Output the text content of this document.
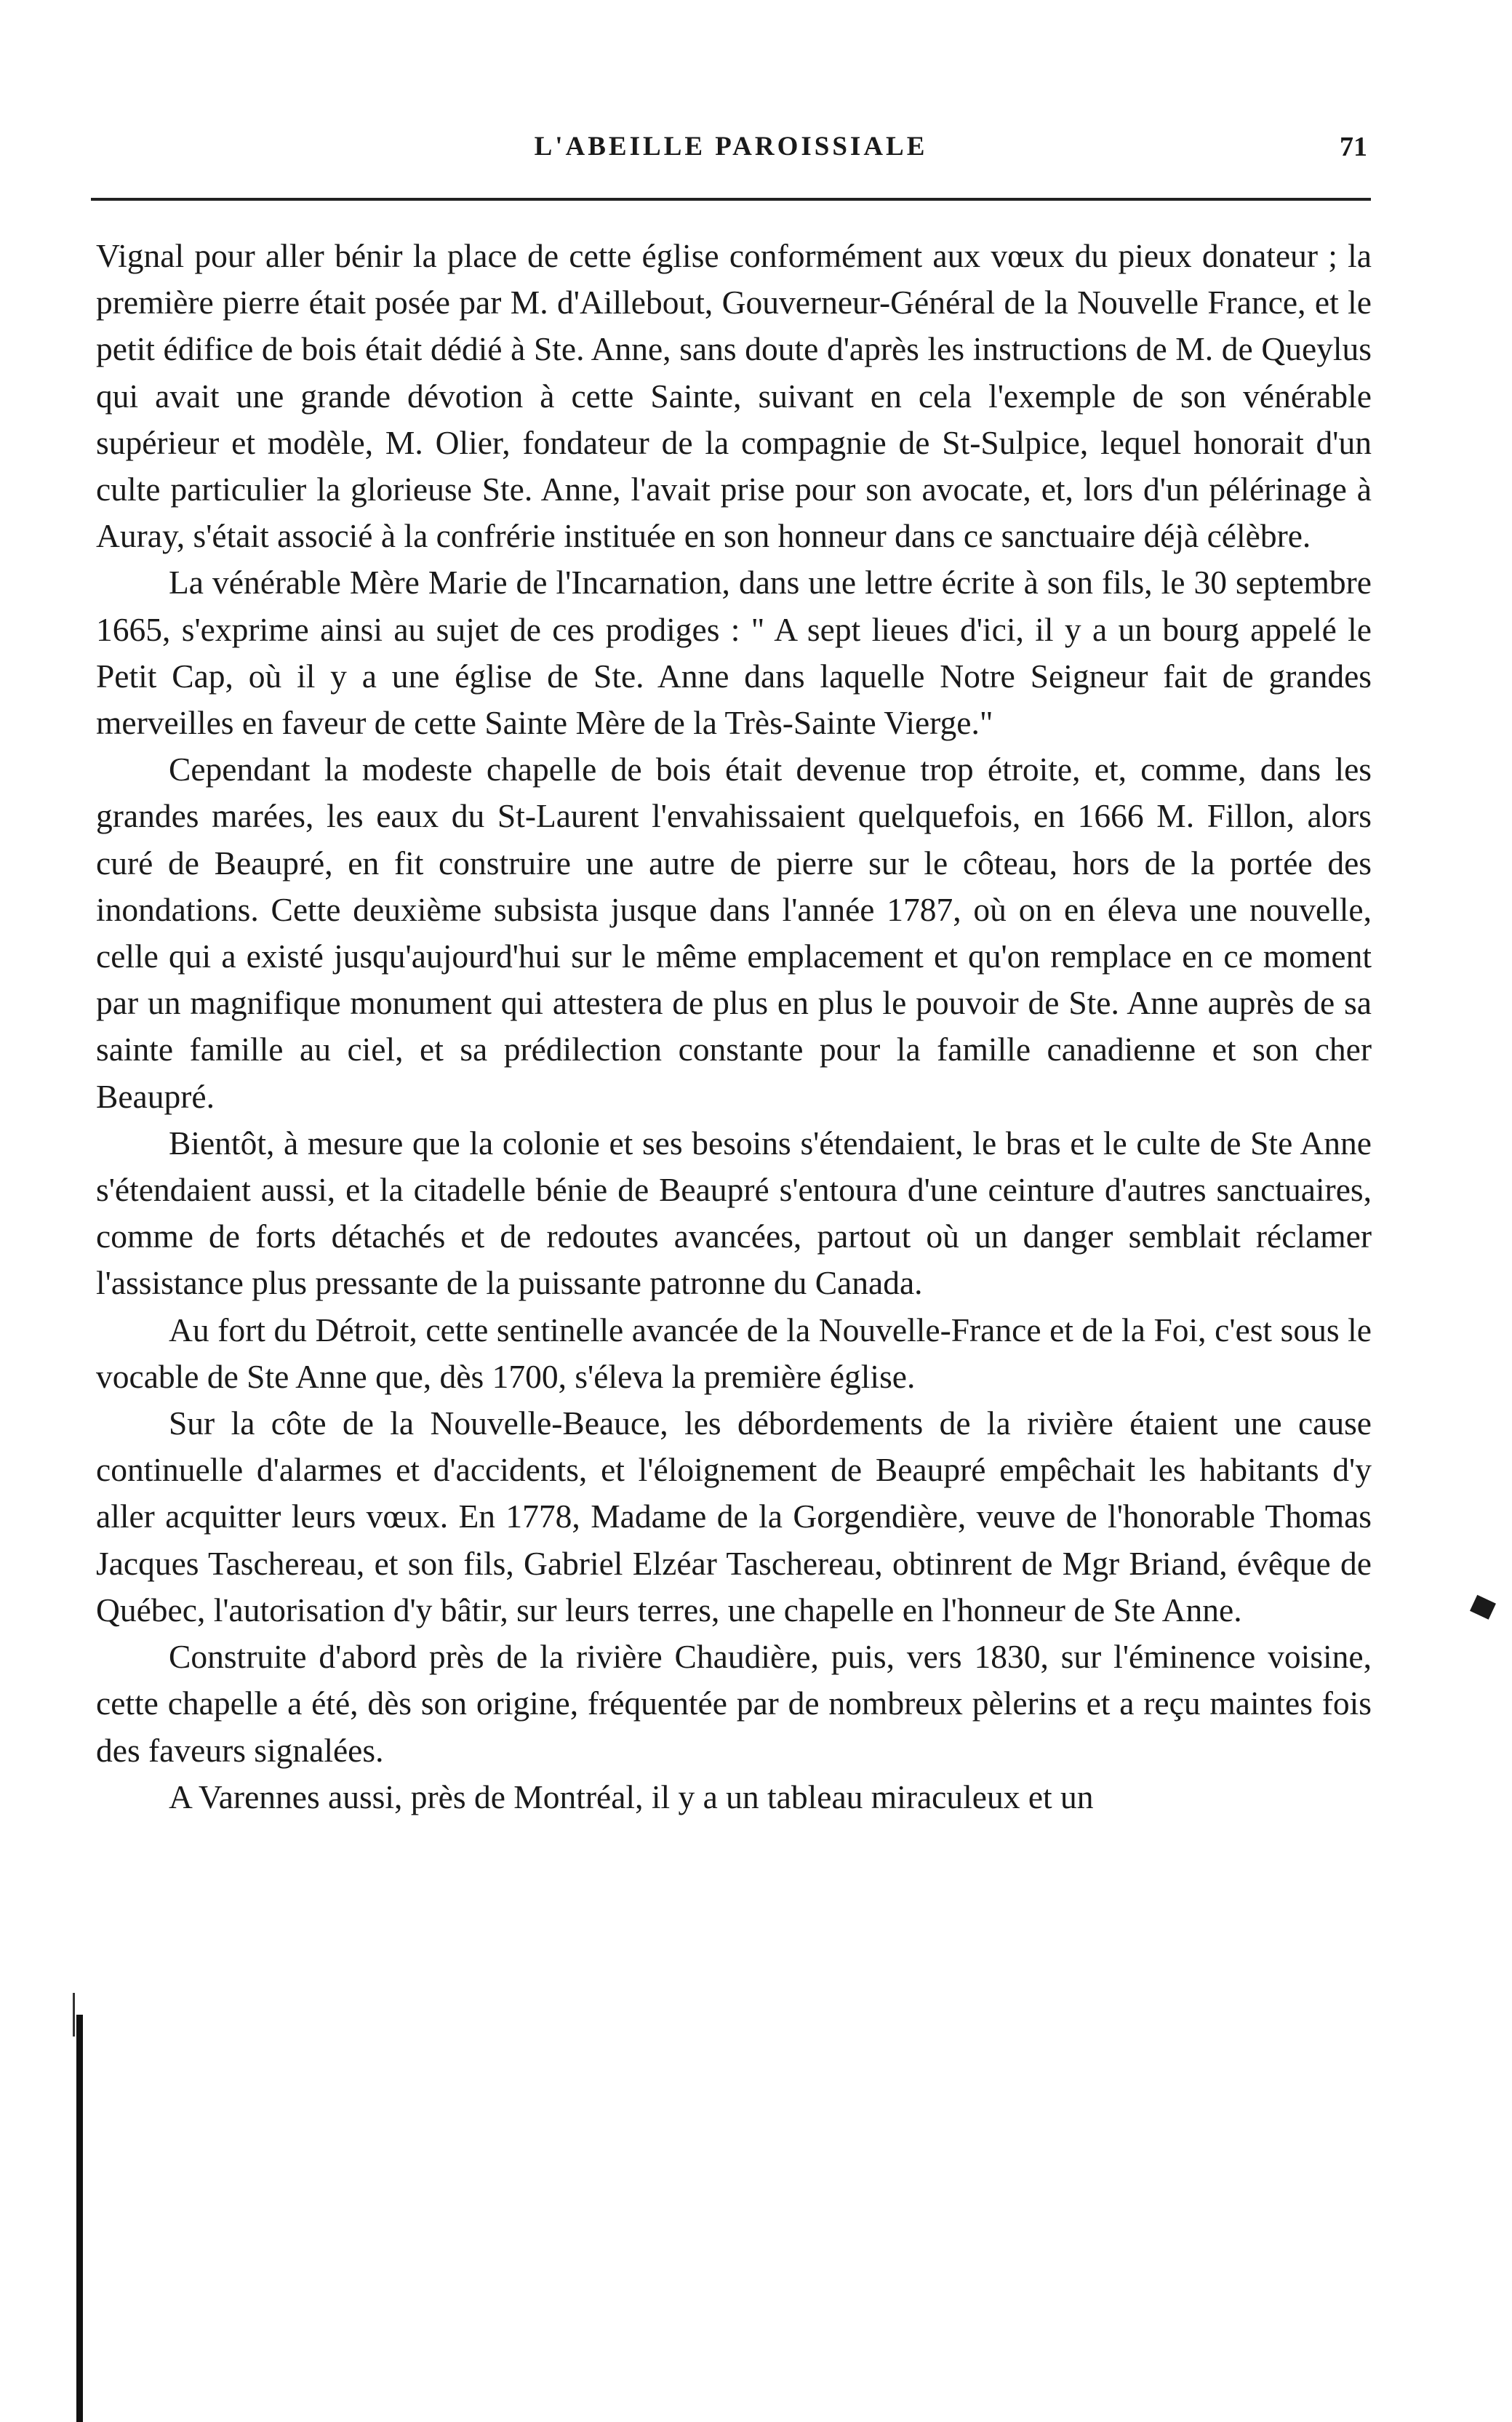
L'ABEILLE PAROISSIALE	71

Vignal pour aller bénir la place de cette église conformément aux vœux du pieux donateur ; la première pierre était posée par M. d'Aillebout, Gouverneur-Général de la Nouvelle France, et le petit édifice de bois était dédié à Ste. Anne, sans doute d'après les instructions de M. de Queylus qui avait une grande dévotion à cette Sainte, suivant en cela l'exemple de son vénérable supérieur et modèle, M. Olier, fondateur de la compagnie de St-Sulpice, lequel honorait d'un culte particulier la glorieuse Ste. Anne, l'avait prise pour son avocate, et, lors d'un pélérinage à Auray, s'était associé à la confrérie instituée en son honneur dans ce sanctuaire déjà célèbre.

La vénérable Mère Marie de l'Incarnation, dans une lettre écrite à son fils, le 30 septembre 1665, s'exprime ainsi au sujet de ces prodiges : " A sept lieues d'ici, il y a un bourg appelé le Petit Cap, où il y a une église de Ste. Anne dans laquelle Notre Seigneur fait de grandes merveilles en faveur de cette Sainte Mère de la Très-Sainte Vierge."

Cependant la modeste chapelle de bois était devenue trop étroite, et, comme, dans les grandes marées, les eaux du St-Laurent l'envahissaient quelquefois, en 1666 M. Fillon, alors curé de Beaupré, en fit construire une autre de pierre sur le côteau, hors de la portée des inondations. Cette deuxième subsista jusque dans l'année 1787, où on en éleva une nouvelle, celle qui a existé jusqu'aujourd'hui sur le même emplacement et qu'on remplace en ce moment par un magnifique monument qui attestera de plus en plus le pouvoir de Ste. Anne auprès de sa sainte famille au ciel, et sa prédilection constante pour la famille canadienne et son cher Beaupré.

Bientôt, à mesure que la colonie et ses besoins s'étendaient, le bras et le culte de Ste Anne s'étendaient aussi, et la citadelle bénie de Beaupré s'entoura d'une ceinture d'autres sanctuaires, comme de forts détachés et de redoutes avancées, partout où un danger semblait réclamer l'assistance plus pressante de la puissante patronne du Canada.

Au fort du Détroit, cette sentinelle avancée de la Nouvelle-France et de la Foi, c'est sous le vocable de Ste Anne que, dès 1700, s'éleva la première église.

Sur la côte de la Nouvelle-Beauce, les débordements de la rivière étaient une cause continuelle d'alarmes et d'accidents, et l'éloignement de Beaupré empêchait les habitants d'y aller acquitter leurs vœux. En 1778, Madame de la Gorgendière, veuve de l'honorable Thomas Jacques Taschereau, et son fils, Gabriel Elzéar Taschereau, obtinrent de Mgr Briand, évêque de Québec, l'autorisation d'y bâtir, sur leurs terres, une chapelle en l'honneur de Ste Anne.

Construite d'abord près de la rivière Chaudière, puis, vers 1830, sur l'éminence voisine, cette chapelle a été, dès son origine, fréquentée par de nombreux pèlerins et a reçu maintes fois des faveurs signalées.

A Varennes aussi, près de Montréal, il y a un tableau miraculeux et un

▀
